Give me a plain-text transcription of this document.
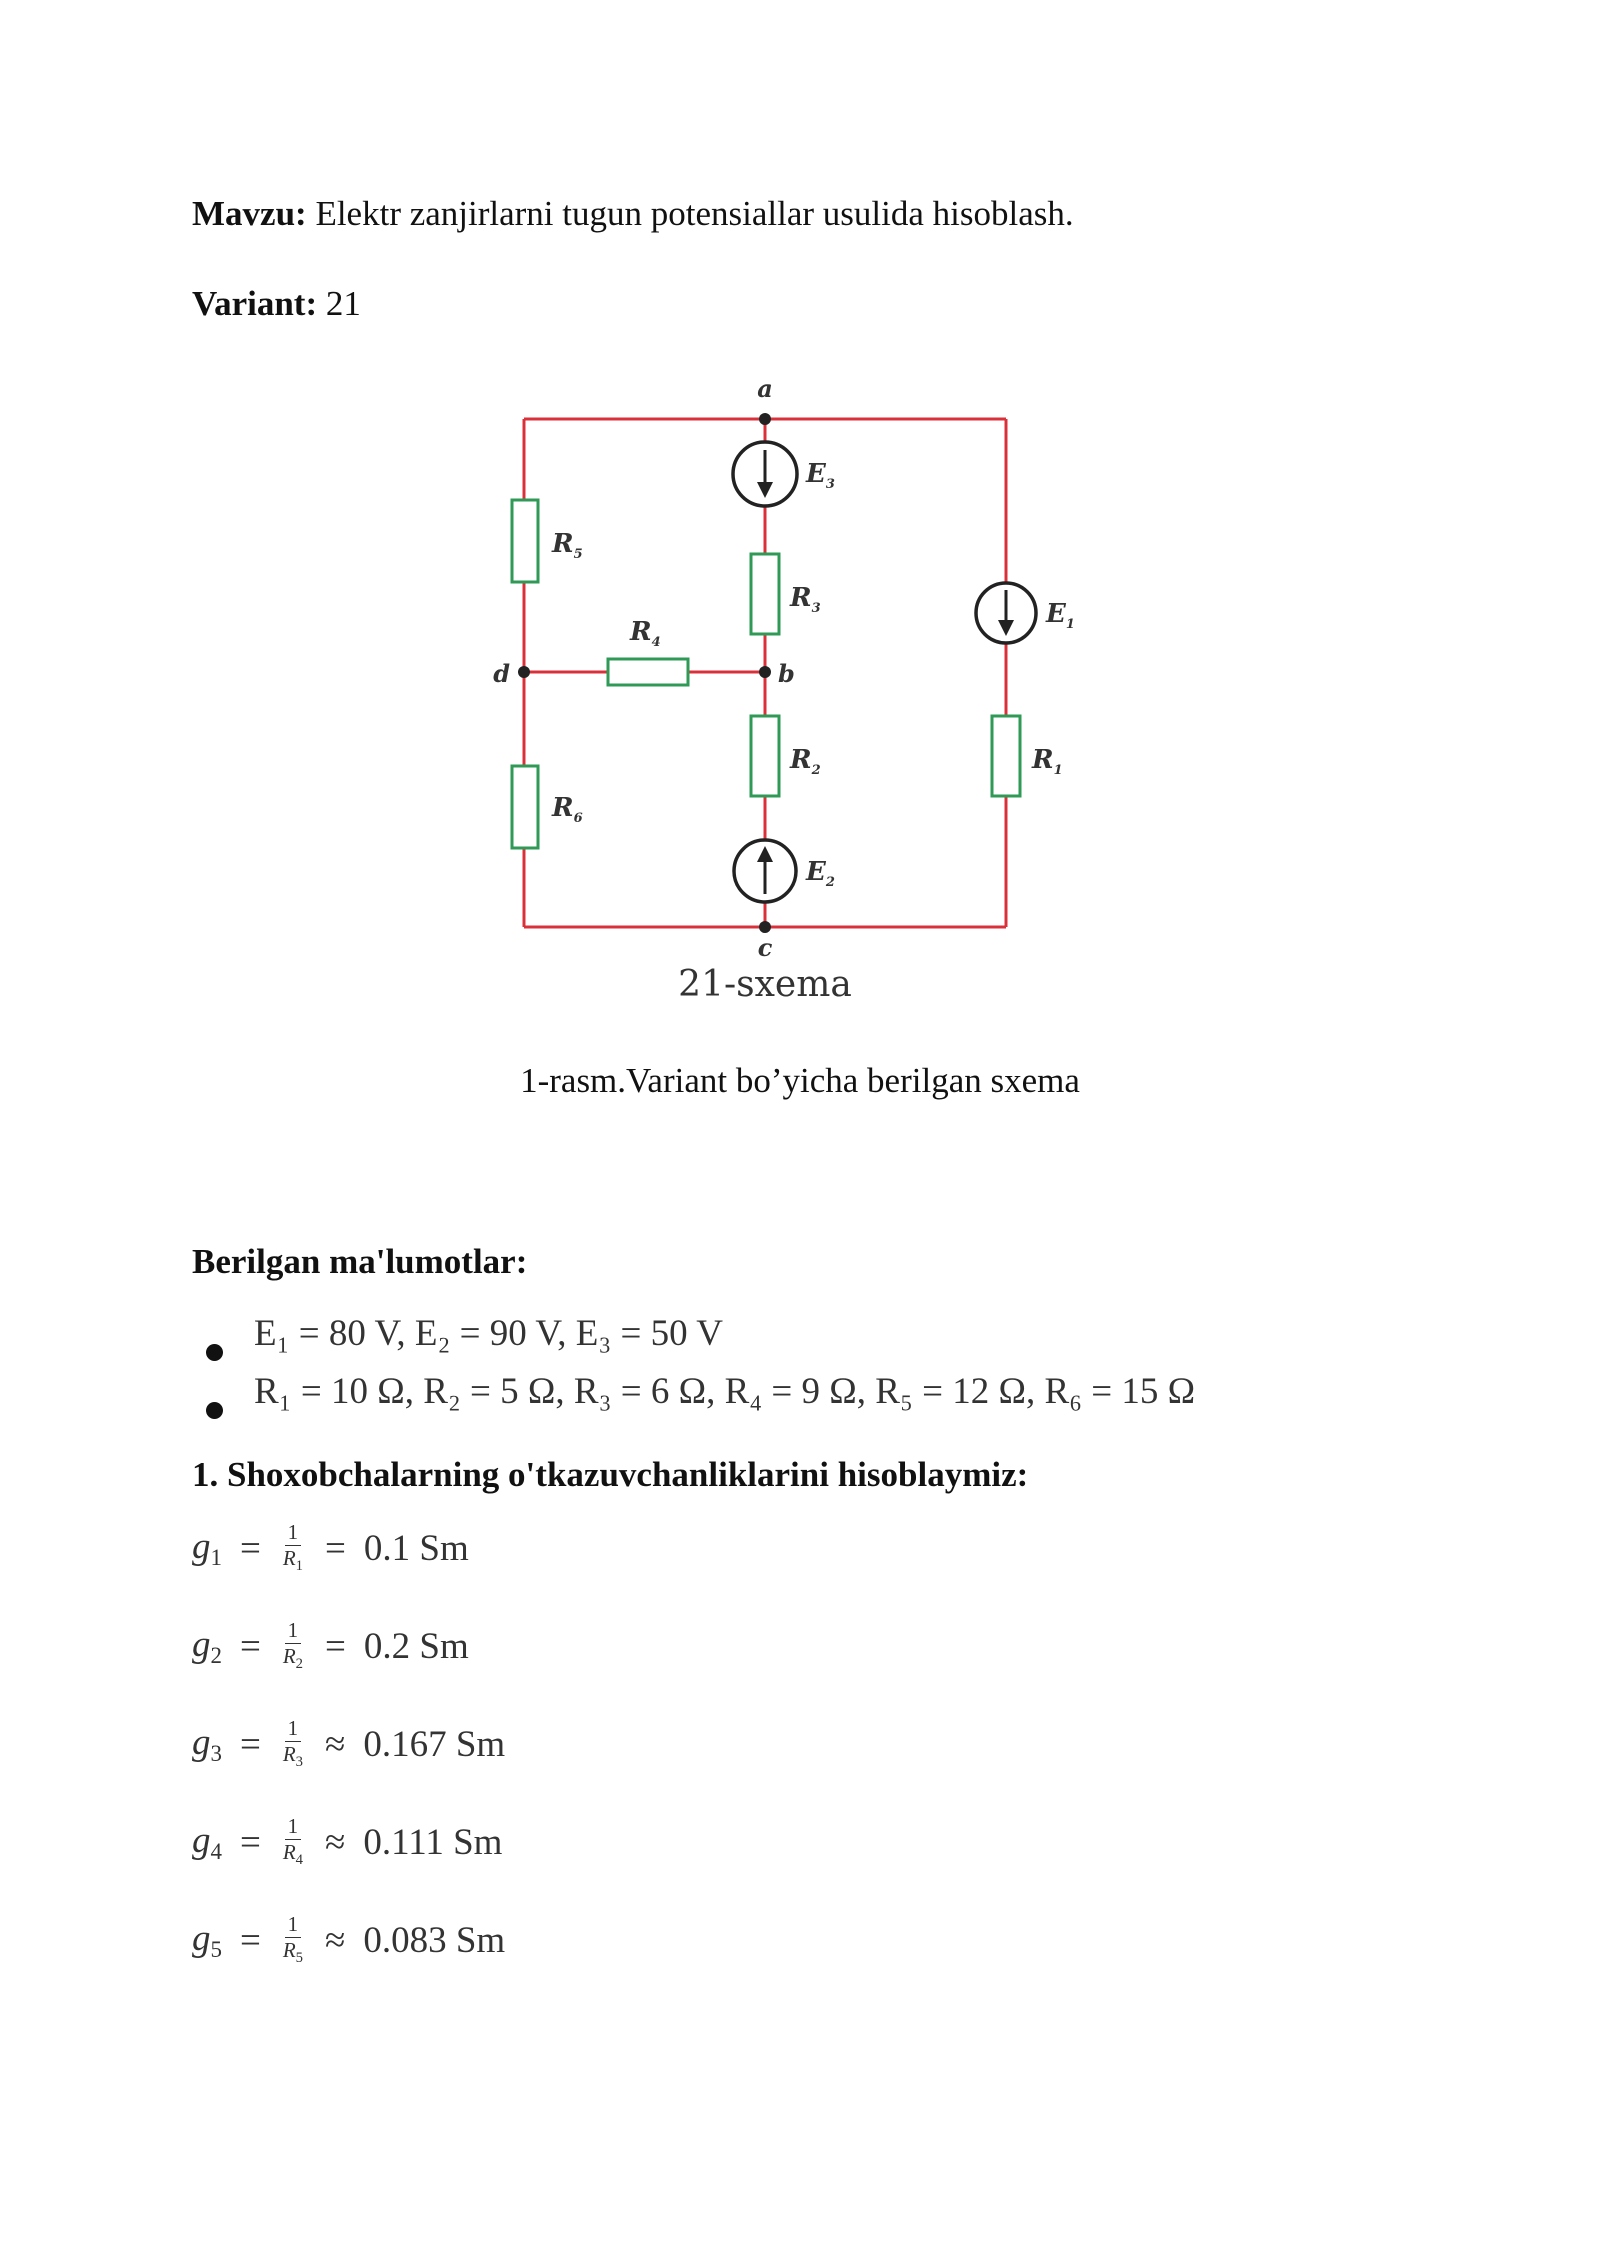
Mavzu: Elektr zanjirlarni tugun potensiallar usulida hisoblash.
Variant: 21
a
b
c
d
$R_5$
$R_6$
$R_3$
$R_2$	$R_1$
$R_4$
$E_3$
$E_1$
$E_2$
21-sxema
1-rasm.Variant bo’yicha berilgan sxema
Berilgan ma'lumotlar:
E₁ = 80 V, E₂ = 90 V, E₃ = 50 V
R₁ = 10 Ω, R₂ = 5 Ω, R₃ = 6 Ω, R₄ = 9 Ω, R₅ = 12 Ω, R₆ = 15 Ω
1. Shoxobchalarning o'tkazuvchanliklarini hisoblaymiz:
$g_1 = \frac{1}{R_1} = 0.1$ Sm
$g_2 = \frac{1}{R_2} = 0.2$ Sm
$g_3 = \frac{1}{R_3} \approx 0.167$ Sm
$g_4 = \frac{1}{R_4} \approx 0.111$ Sm
$g_5 = \frac{1}{R_5} \approx 0.083$ Sm
